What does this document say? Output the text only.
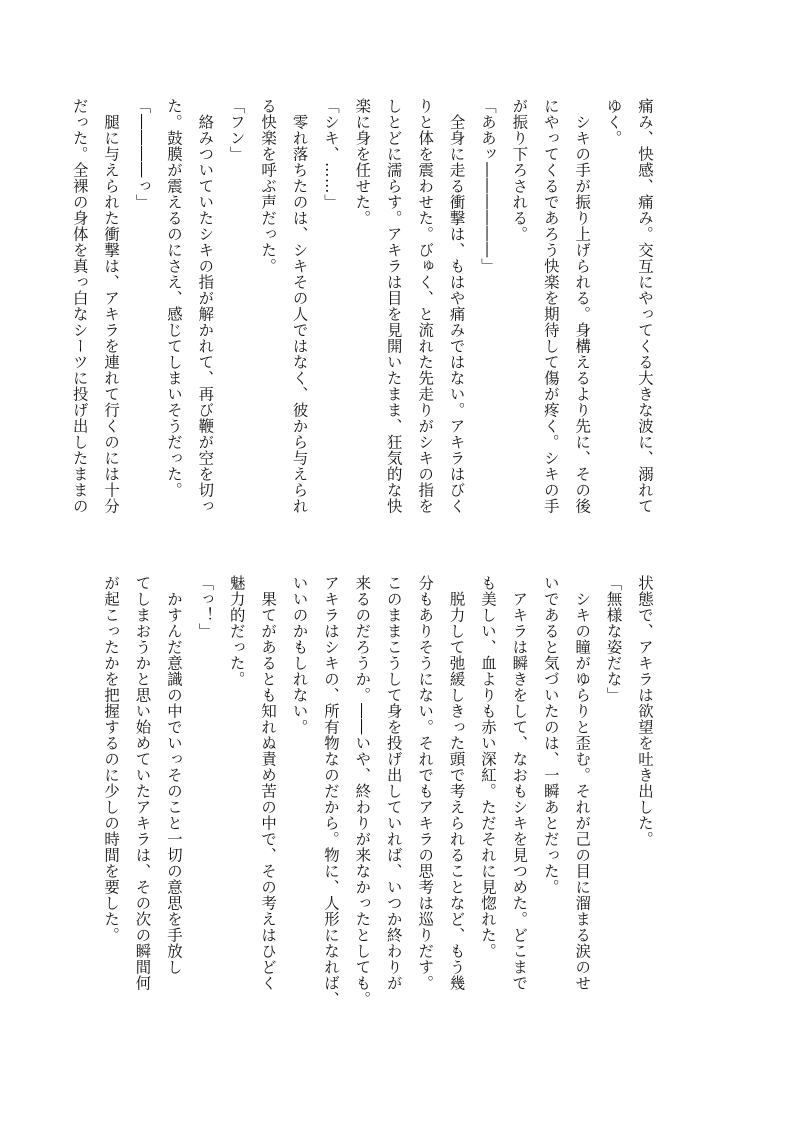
痛み、快感、痛み。交互にやってくる大きな波に、溺れて
ゆく。
　シキの手が振り上げられる。身構えるより先に、その後
にやってくるであろう快楽を期待して傷が疼く。シキの手
が振り下ろされる。
「ああッ――――――」
　全身に走る衝撃は、もはや痛みではない。アキラはびく
りと体を震わせた。びゅく、と流れた先走りがシキの指を
しとどに濡らす。アキラは目を見開いたまま、狂気的な快
楽に身を任せた。
「シキ、……」
　零れ落ちたのは、シキその人ではなく、彼から与えられ
る快楽を呼ぶ声だった。
「フン」
　絡みついていたシキの指が解かれて、再び鞭が空を切っ
た。鼓膜が震えるのにさえ、感じてしまいそうだった。
「――――っ」
　腿に与えられた衝撃は、アキラを連れて行くのには十分
だった。全裸の身体を真っ白なシーツに投げ出したままの
状態で、アキラは欲望を吐き出した。
「無様な姿だな」
　シキの瞳がゆらりと歪む。それが己の目に溜まる涙のせ
いであると気づいたのは、一瞬あとだった。
　アキラは瞬きをして、なおもシキを見つめた。どこまで
も美しい、血よりも赤い深紅。ただそれに見惚れた。
　脱力して弛緩しきった頭で考えられることなど、もう幾
分もありそうにない。それでもアキラの思考は巡りだす。
このままこうして身を投げ出していれば、いつか終わりが
来るのだろうか。――いや、終わりが来なかったとしても。
アキラはシキの、所有物なのだから。物に、人形になれば、
いいのかもしれない。
　果てがあるとも知れぬ責め苦の中で、その考えはひどく
魅力的だった。
「っ！」
　かすんだ意識の中でいっそのこと一切の意思を手放し
てしまおうかと思い始めていたアキラは、その次の瞬間何
が起こったかを把握するのに少しの時間を要した。
